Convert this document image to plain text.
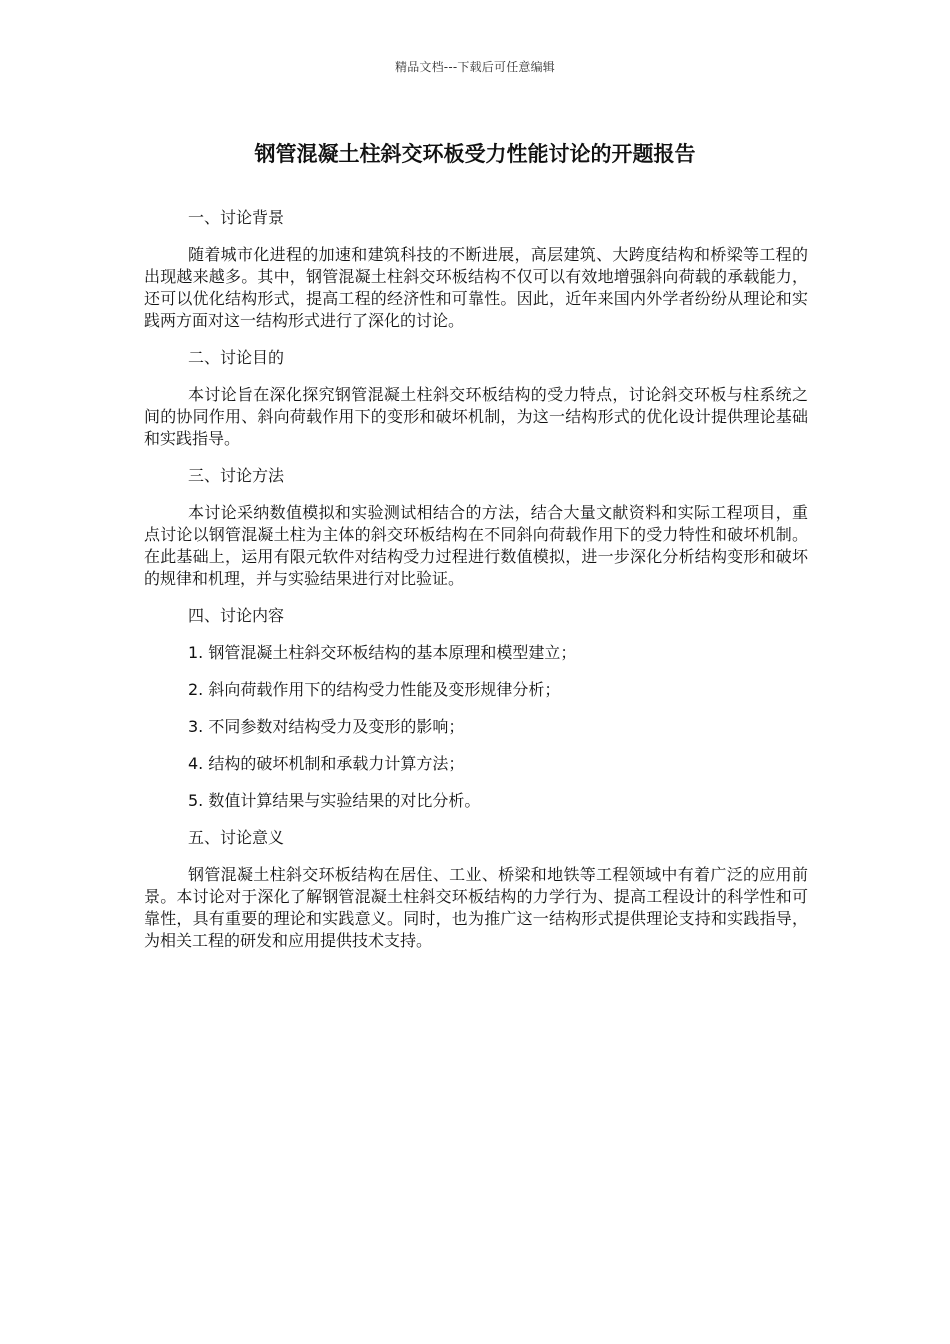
精品文档---下载后可任意编辑
钢管混凝土柱斜交环板受力性能讨论的开题报告

一、讨论背景

随着城市化进程的加速和建筑科技的不断进展，高层建筑、大跨度结构和桥梁等工程的出现越来越多。其中，钢管混凝土柱斜交环板结构不仅可以有效地增强斜向荷载的承载能力，还可以优化结构形式，提高工程的经济性和可靠性。因此，近年来国内外学者纷纷从理论和实践两方面对这一结构形式进行了深化的讨论。

二、讨论目的

本讨论旨在深化探究钢管混凝土柱斜交环板结构的受力特点，讨论斜交环板与柱系统之间的协同作用、斜向荷载作用下的变形和破坏机制，为这一结构形式的优化设计提供理论基础和实践指导。

三、讨论方法

本讨论采纳数值模拟和实验测试相结合的方法，结合大量文献资料和实际工程项目，重点讨论以钢管混凝土柱为主体的斜交环板结构在不同斜向荷载作用下的受力特性和破坏机制。在此基础上，运用有限元软件对结构受力过程进行数值模拟，进一步深化分析结构变形和破坏的规律和机理，并与实验结果进行对比验证。

四、讨论内容

1. 钢管混凝土柱斜交环板结构的基本原理和模型建立；

2. 斜向荷载作用下的结构受力性能及变形规律分析；

3. 不同参数对结构受力及变形的影响；

4. 结构的破坏机制和承载力计算方法；

5. 数值计算结果与实验结果的对比分析。

五、讨论意义

钢管混凝土柱斜交环板结构在居住、工业、桥梁和地铁等工程领域中有着广泛的应用前景。本讨论对于深化了解钢管混凝土柱斜交环板结构的力学行为、提高工程设计的科学性和可靠性，具有重要的理论和实践意义。同时，也为推广这一结构形式提供理论支持和实践指导，为相关工程的研发和应用提供技术支持。
